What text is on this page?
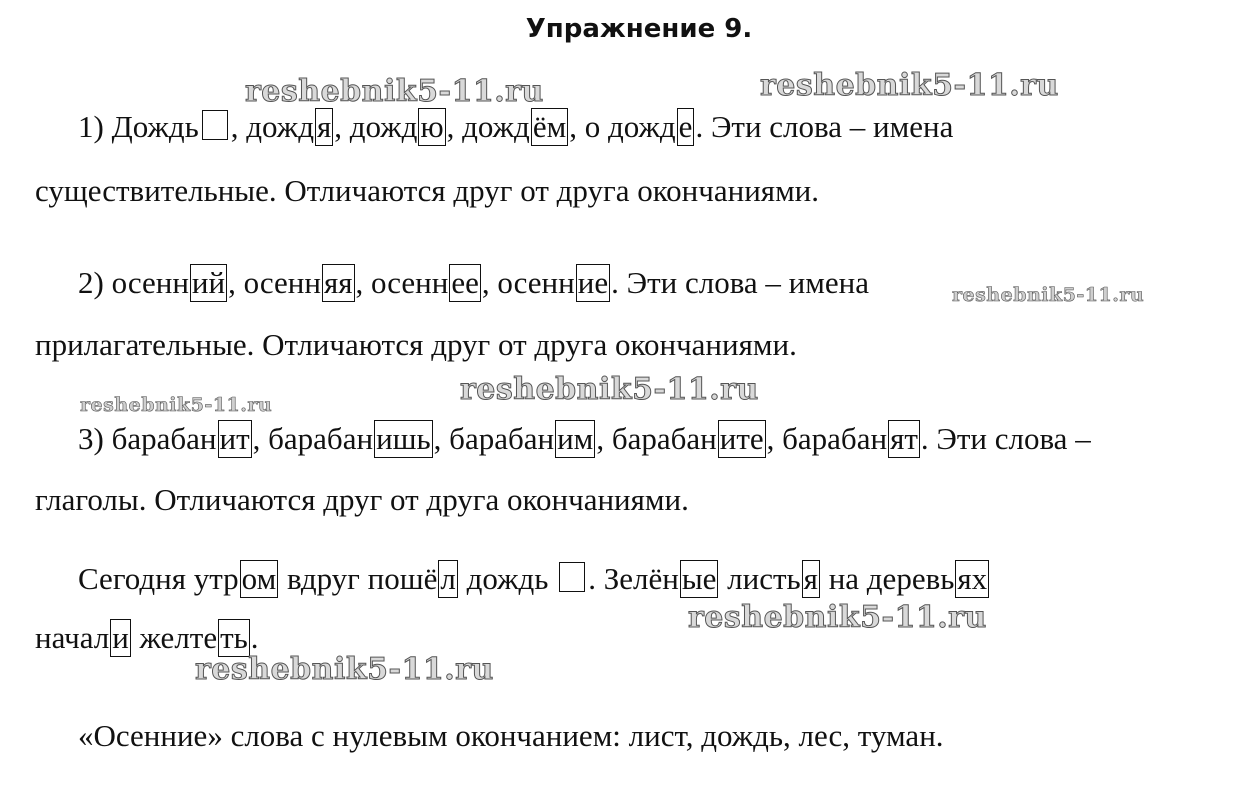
Упражнение 9.
1) Дождь , дождя, дождю, дождём, о дожде. Эти слова – имена
существительные. Отличаются друг от друга окончаниями.
2) осенний, осенняя, осеннее, осенние. Эти слова – имена
прилагательные. Отличаются друг от друга окончаниями.
3) барабанит, барабанишь, барабаним, барабаните, барабанят. Эти слова –
глаголы. Отличаются друг от друга окончаниями.
Сегодня утром вдруг пошёл дождь . Зелёные листья на деревьях
начали желтеть.
«Осенние» слова с нулевым окончанием: лист, дождь, лес, туман.
reshebnik5-11.ru	reshebnik5-11.ru
reshebnik5-11.ru
reshebnik5-11.ru	reshebnik5-11.ru
reshebnik5-11.ru
reshebnik5-11.ru
